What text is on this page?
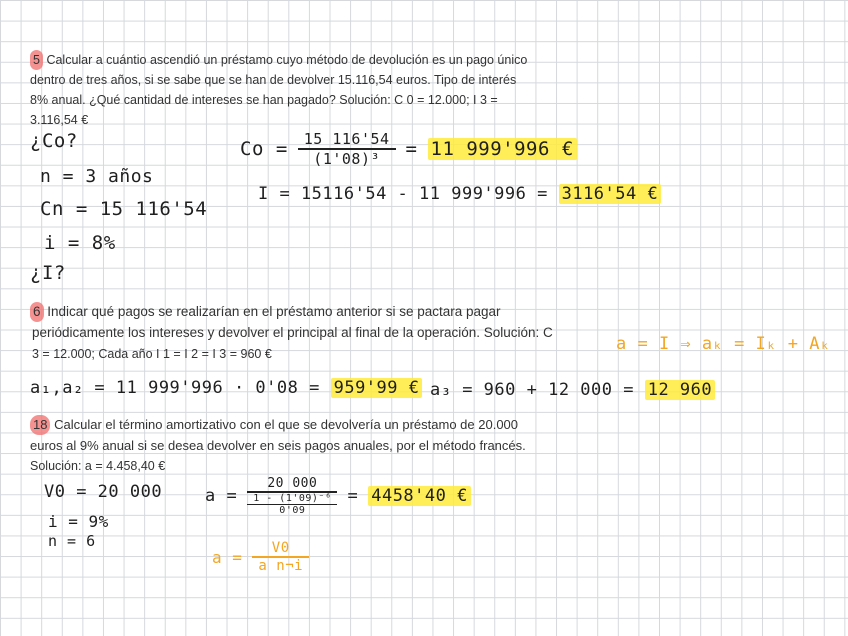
5 Calcular a cuántio ascendió un préstamo cuyo método de devolución es un pago único
dentro de tres años, si se sabe que se han de devolver 15.116,54 euros. Tipo de interés
8% anual. ¿Qué cantidad de intereses se han pagado? Solución: C 0 = 12.000; I 3 =
3.116,54 €
¿Co?
n = 3 años
Cn = 15 116'54
i = 8%
¿I?
$Co = \frac{15 116'54}{\text{(1'08)³}} = 11$ 999'996 €
I = 15116'54 - 11 999'996 = 3116'54 €
6 Indicar qué pagos se realizarían en el préstamo anterior si se pactara pagar
periódicamente los intereses y devolver el principal al final de la operación. Solución: C
3 = 12.000; Cada año I 1 = I 2 = I 3 = 960 €	a = I ⇒ aₖ = Iₖ + Aₖ
a₁,a₂ = 11 999'996 · 0'08 = 959'99 € a₃ = 960 + 12 000 = 12 960
18 Calcular el término amortizativo con el que se devolvería un préstamo de 20.000
euros al 9% anual si se desea devolver en seis pagos anuales, por el método francés.
Solución: a = 4.458,40 €
V0 = 20 000
i = 9%
n = 6
a =
20 000
1 - (1'09)⁻⁶
0'09
= 4458'40 €
$a = \frac{V0}{\text{a n¬i}}$
